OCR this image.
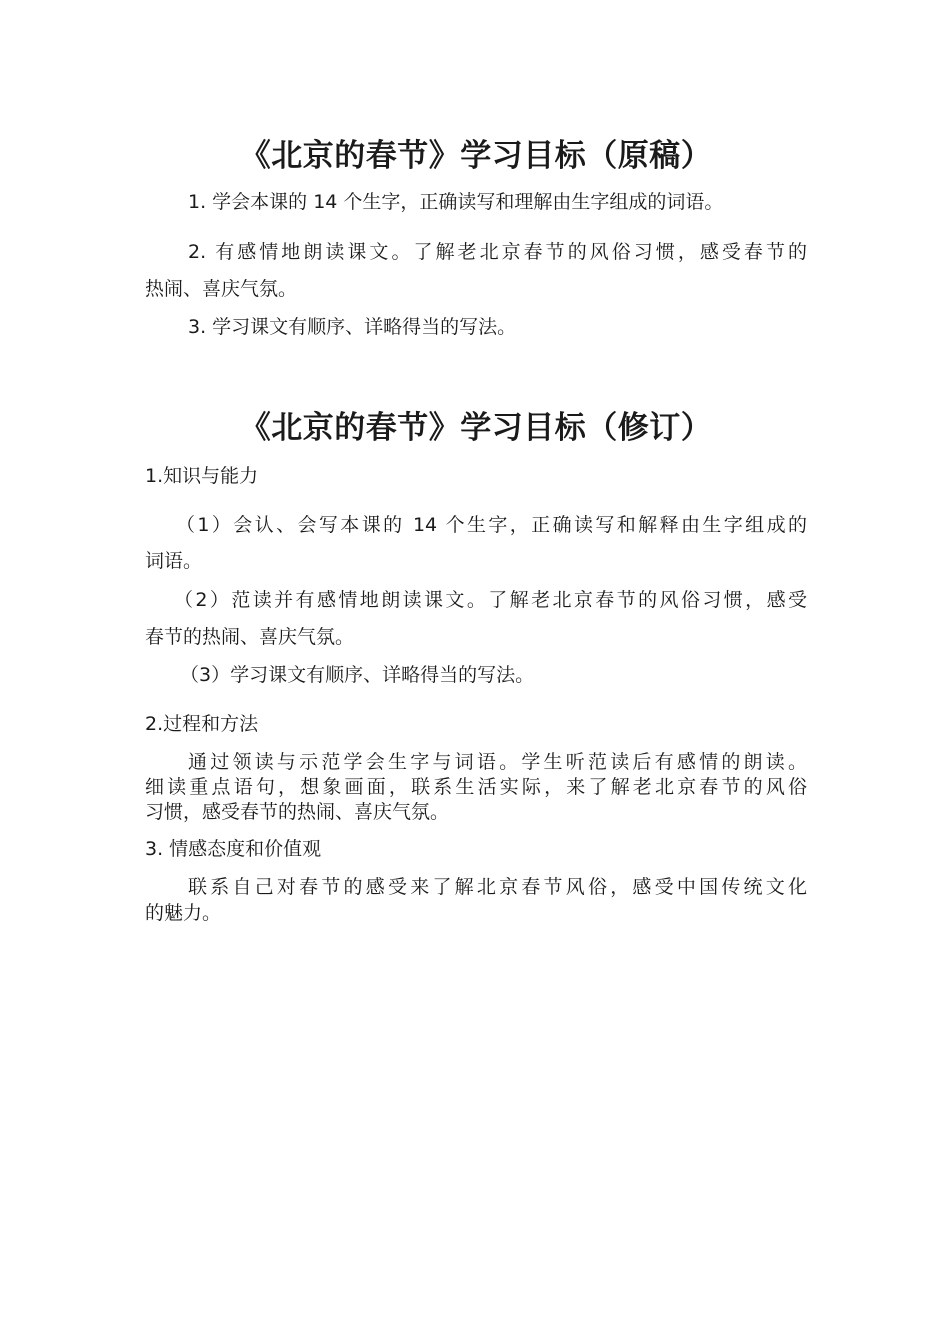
《北京的春节》学习目标（原稿）
1. 学会本课的 14 个生字，正确读写和理解由生字组成的词语。
2. 有感情地朗读课文。了解老北京春节的风俗习惯，感受春节的
热闹、喜庆气氛。
3. 学习课文有顺序、详略得当的写法。
《北京的春节》学习目标（修订）
1.知识与能力
（1）会认、会写本课的 14 个生字，正确读写和解释由生字组成的
词语。
（2）范读并有感情地朗读课文。了解老北京春节的风俗习惯，感受
春节的热闹、喜庆气氛。
（3）学习课文有顺序、详略得当的写法。
2.过程和方法
通过领读与示范学会生字与词语。学生听范读后有感情的朗读。
细读重点语句，想象画面，联系生活实际，来了解老北京春节的风俗
习惯，感受春节的热闹、喜庆气氛。
3. 情感态度和价值观
联系自己对春节的感受来了解北京春节风俗，感受中国传统文化
的魅力。
